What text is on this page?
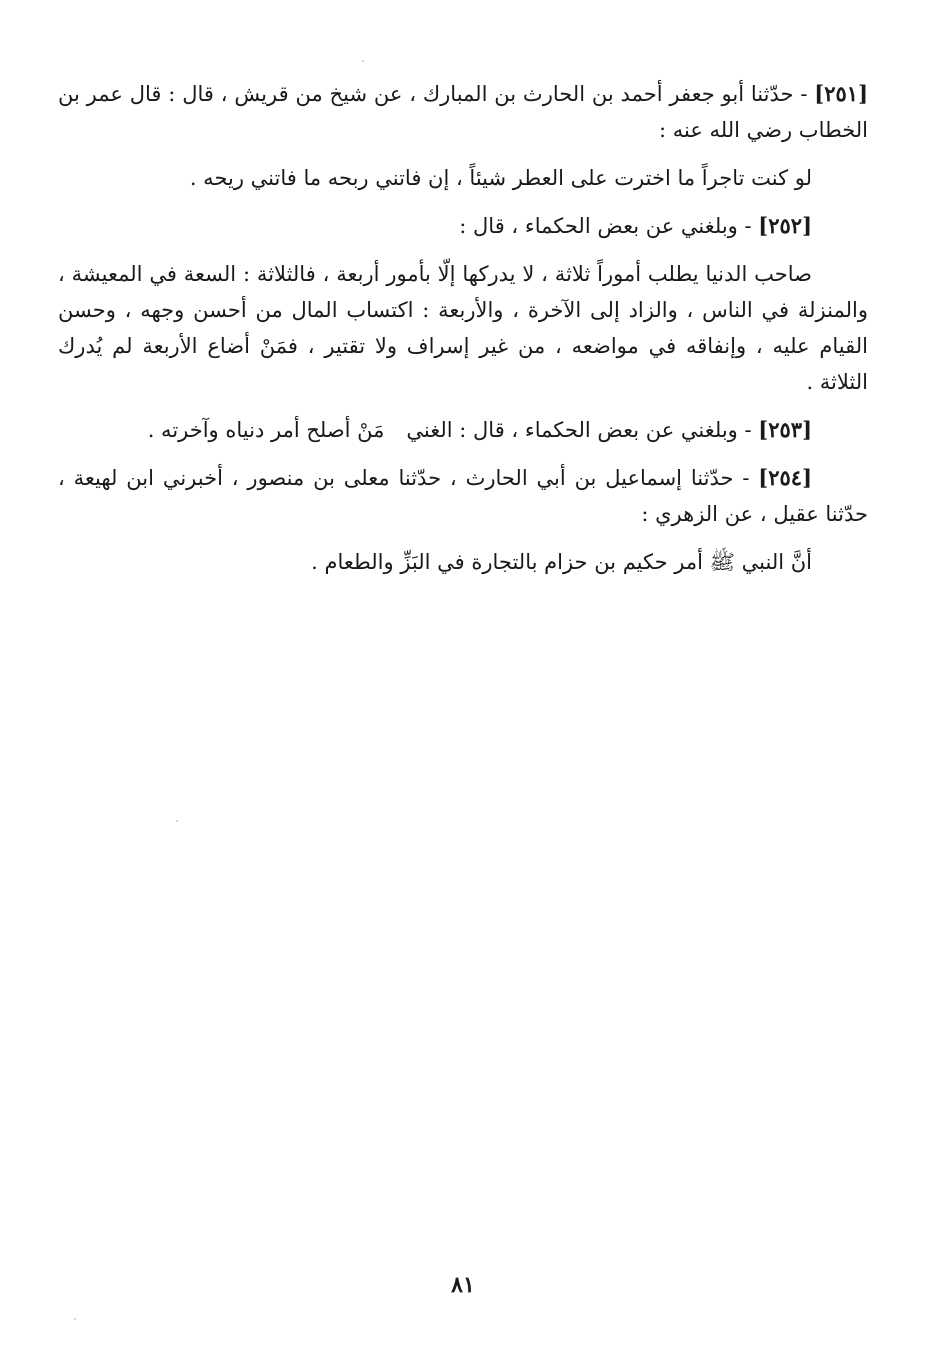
[٢٥١] - حدّثنا أبو جعفر أحمد بن الحارث بن المبارك ، عن شيخ من قريش ، قال : قال عمر بن الخطاب رضي الله عنه :

لو كنت تاجراً ما اخترت على العطر شيئاً ، إن فاتني ربحه ما فاتني ريحه .

[٢٥٢] - وبلغني عن بعض الحكماء ، قال :

صاحب الدنيا يطلب أموراً ثلاثة ، لا يدركها إلّا بأمور أربعة ، فالثلاثة : السعة في المعيشة ، والمنزلة في الناس ، والزاد إلى الآخرة ، والأربعة : اكتساب المال من أحسن وجهه ، وحسن القيام عليه ، وإنفاقه في مواضعه ، من غير إسراف ولا تقتير ، فمَنْ أضاع الأربعة لم يُدرك الثلاثة .

[٢٥٣] - وبلغني عن بعض الحكماء ، قال : الغنيمَنْ أصلح أمر دنياه وآخرته .

[٢٥٤] - حدّثنا إسماعيل بن أبي الحارث ، حدّثنا معلى بن منصور ، أخبرني ابن لهيعة ، حدّثنا عقيل ، عن الزهري :

أنَّ النبي ﷺ أمر حكيم بن حزام بالتجارة في البَزِّ والطعام .

٨١
